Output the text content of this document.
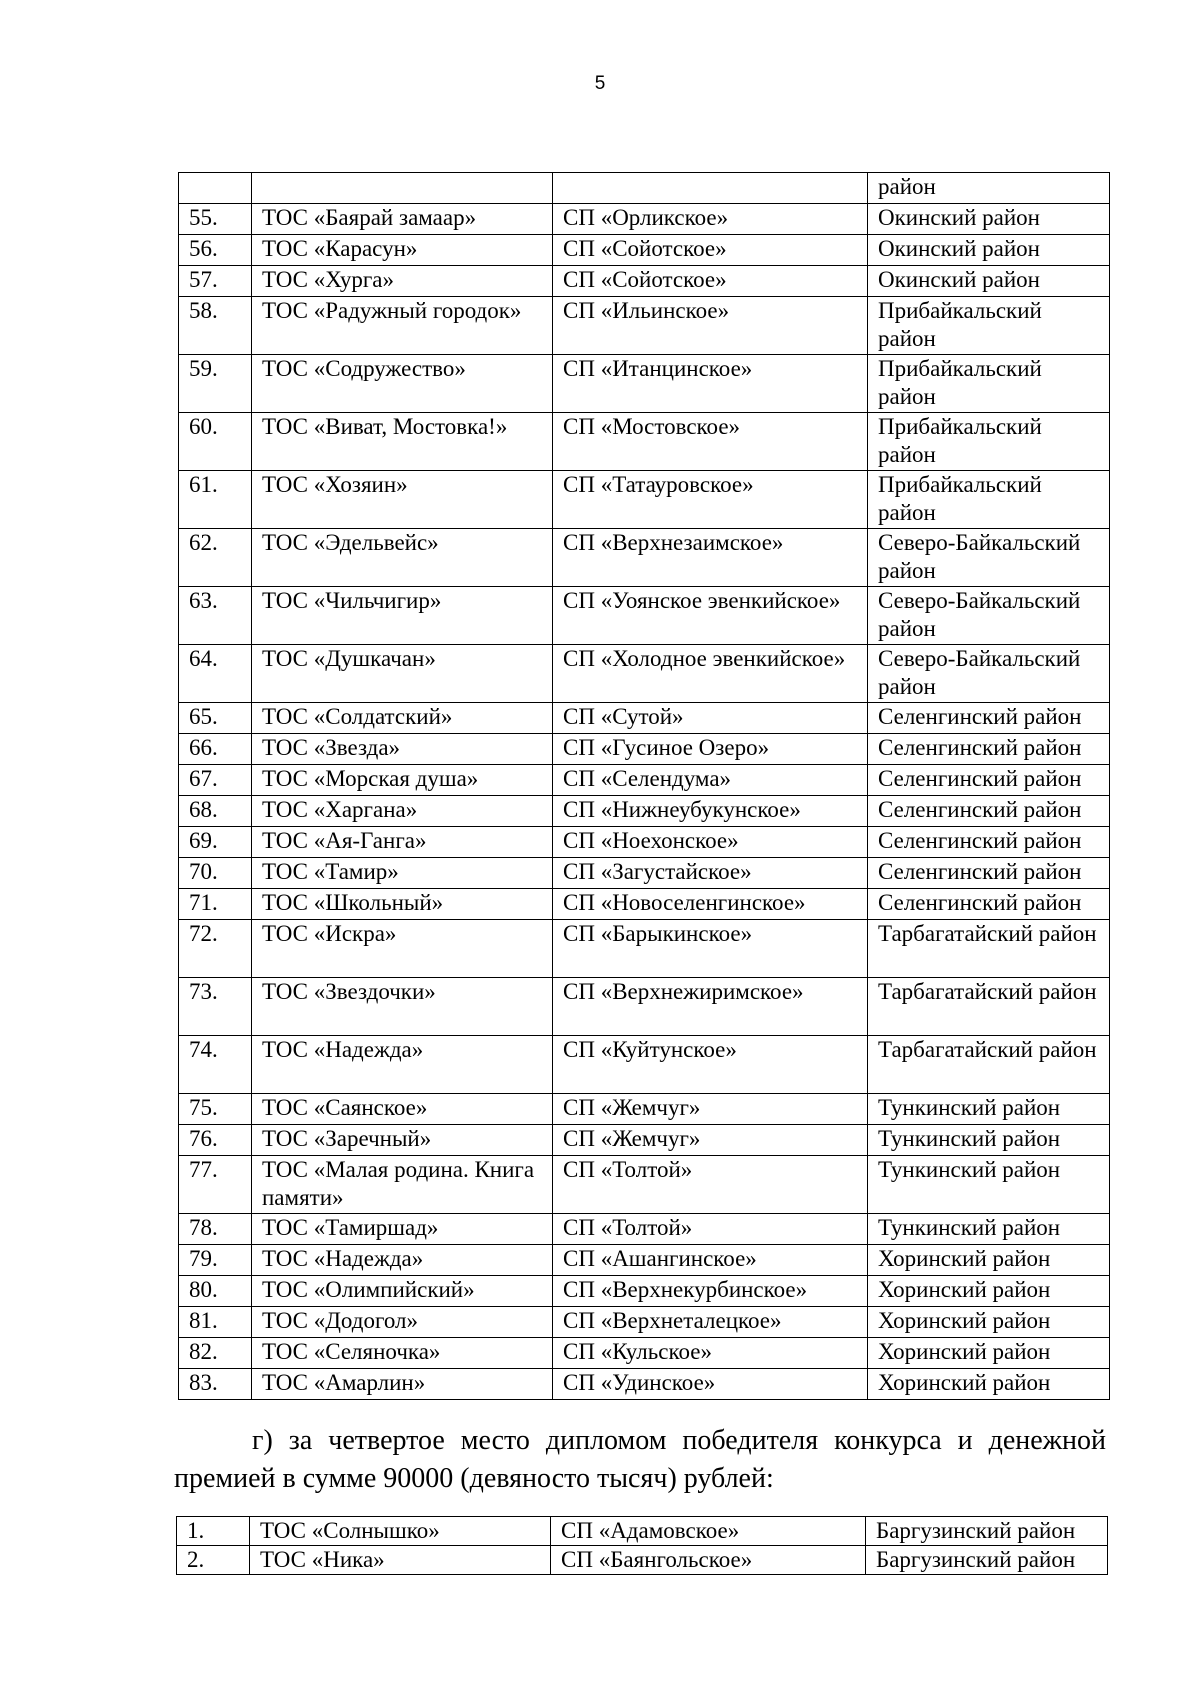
5
			район
55.	ТОС «Баярай замаар»	СП «Орликское»	Окинский район
56.	ТОС «Карасун»	СП «Сойотское»	Окинский район
57.	ТОС «Хурга»	СП «Сойотское»	Окинский район
58.	ТОС «Радужный городок»	СП «Ильинское»	Прибайкальский район
59.	ТОС «Содружество»	СП «Итанцинское»	Прибайкальский район
60.	ТОС «Виват, Мостовка!»	СП «Мостовское»	Прибайкальский район
61.	ТОС «Хозяин»	СП «Татауровское»	Прибайкальский район
62.	ТОС «Эдельвейс»	СП «Верхнезаимское»	Северо-Байкальский район
63.	ТОС «Чильчигир»	СП «Уоянское эвенкийское»	Северо-Байкальский район
64.	ТОС «Душкачан»	СП «Холодное эвенкийское»	Северо-Байкальский район
65.	ТОС «Солдатский»	СП «Сутой»	Селенгинский район
66.	ТОС «Звезда»	СП «Гусиное Озеро»	Селенгинский район
67.	ТОС «Морская душа»	СП «Селендума»	Селенгинский район
68.	ТОС «Харгана»	СП «Нижнеубукунское»	Селенгинский район
69.	ТОС «Ая-Ганга»	СП «Ноехонское»	Селенгинский район
70.	ТОС «Тамир»	СП «Загустайское»	Селенгинский район
71.	ТОС «Школьный»	СП «Новоселенгинское»	Селенгинский район
72.	ТОС «Искра»	СП «Барыкинское»	Тарбагатайский район
73.	ТОС «Звездочки»	СП «Верхнежиримское»	Тарбагатайский район
74.	ТОС «Надежда»	СП «Куйтунское»	Тарбагатайский район
75.	ТОС «Саянское»	СП «Жемчуг»	Тункинский район
76.	ТОС «Заречный»	СП «Жемчуг»	Тункинский район
77.	ТОС «Малая родина. Книга памяти»	СП «Толтой»	Тункинский район
78.	ТОС «Тамиршад»	СП «Толтой»	Тункинский район
79.	ТОС «Надежда»	СП «Ашангинское»	Хоринский район
80.	ТОС «Олимпийский»	СП «Верхнекурбинское»	Хоринский район
81.	ТОС «Додогол»	СП «Верхнеталецкое»	Хоринский район
82.	ТОС «Селяночка»	СП «Кульское»	Хоринский район
83.	ТОС «Амарлин»	СП «Удинское»	Хоринский район
г) за четвертое место дипломом победителя конкурса и денежной премией в сумме 90000 (девяносто тысяч) рублей:
1.	ТОС «Солнышко»	СП «Адамовское»	Баргузинский район
2.	ТОС «Ника»	СП «Баянгольское»	Баргузинский район
